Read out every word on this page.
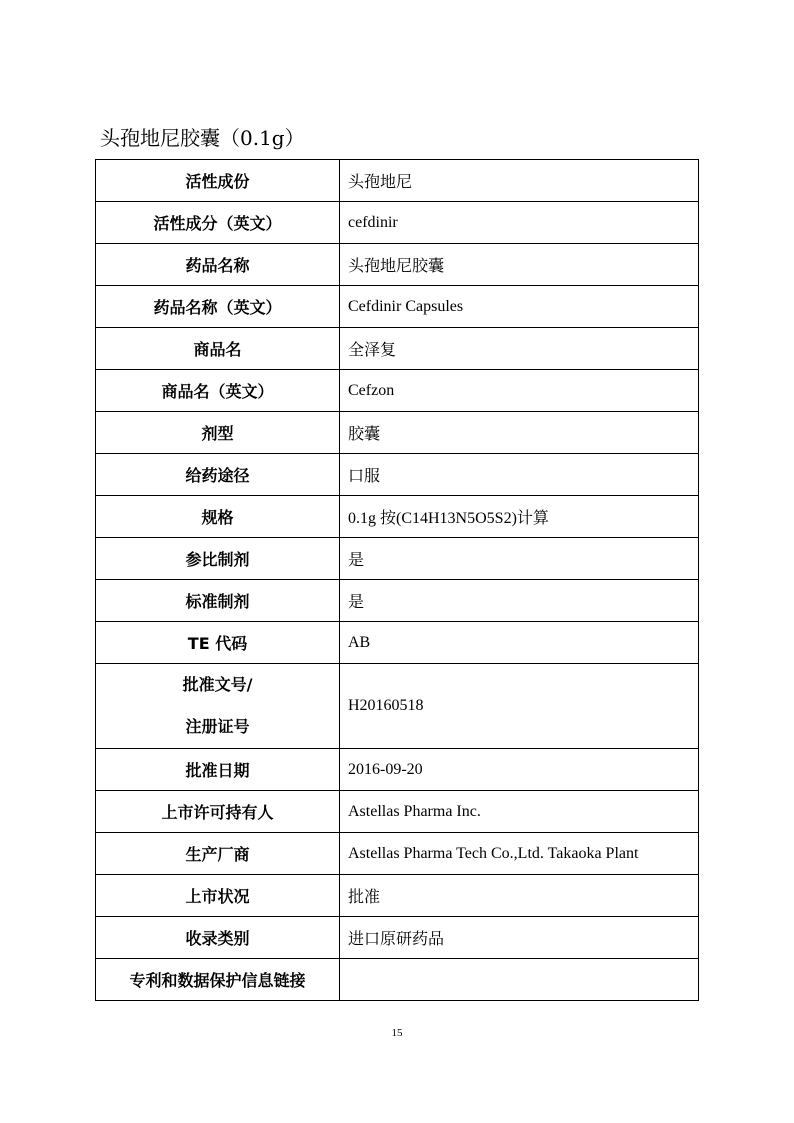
头孢地尼胶囊（0.1g）
活性成份	头孢地尼
活性成分（英文）	cefdinir
药品名称	头孢地尼胶囊
药品名称（英文）	Cefdinir Capsules
商品名	全泽复
商品名（英文）	Cefzon
剂型	胶囊
给药途径	口服
规格	0.1g 按(C14H13N5O5S2)计算
参比制剂	是
标准制剂	是
TE 代码	AB

批准文号/
注册证号	H20160518
批准日期	2016-09-20
上市许可持有人	Astellas Pharma Inc.
生产厂商	Astellas Pharma Tech Co.,Ltd. Takaoka Plant
上市状况	批准
收录类别	进口原研药品
专利和数据保护信息链接	
15
